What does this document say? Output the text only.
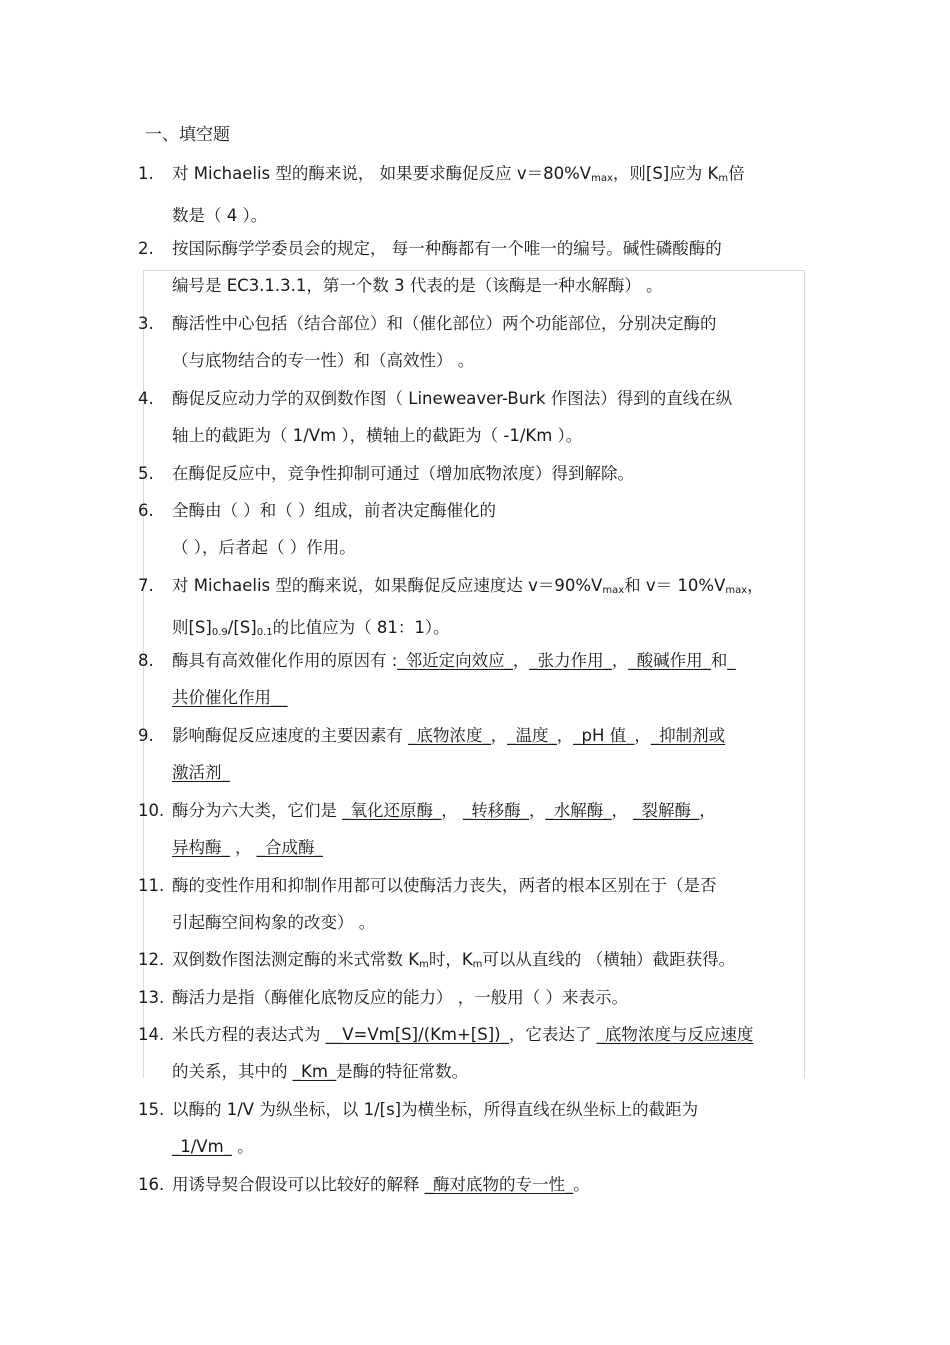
一、填空题
1.	对 Michaelis 型的酶来说， 如果要求酶促反应 $v=80\%V_{max}$，则[S]应为 $K_m$倍
数是（ 4 ）。
2.	按国际酶学学委员会的规定， 每一种酶都有一个唯一的编号。碱性磷酸酶的
编号是 EC3.1.3.1，第一个数 3 代表的是（该酶是一种水解酶） 。
3.	酶活性中心包括（结合部位）和（催化部位）两个功能部位，分别决定酶的
（与底物结合的专一性）和（高效性） 。
4.	酶促反应动力学的双倒数作图（ Lineweaver-Burk 作图法）得到的直线在纵
轴上的截距为（ 1/Vm ），横轴上的截距为（ -1/Km ）。
5.	在酶促反应中，竞争性抑制可通过（增加底物浓度）得到解除。
6.	全酶由（ ）和（ ）组成，前者决定酶催化的
（ ），后者起（ ）作用。
7.	对 Michaelis 型的酶来说，如果酶促反应速度达 $v=90\%V_{max}$和 $v= 10\%V_{max}$，
则$[S]_{0.9}/[S]_{0.1}$的比值应为（ 81：1）。
8.	酶具有高效催化作用的原因有 :_邻近定向效应_，_张力作用_，_酸碱作用_和_
共价催化作用__
9.	影响酶促反应速度的主要因素有 _底物浓度_，_温度_，_pH 值_，_抑制剂或
激活剂_
10. 酶分为六大类，它们是 _氧化还原酶_， _转移酶_，_水解酶_， _裂解酶_，
异构酶_ ， _合成酶_
11. 酶的变性作用和抑制作用都可以使酶活力丧失，两者的根本区别在于（是否
引起酶空间构象的改变） 。
12. 双倒数作图法测定酶的米式常数 $K_m$时，$K_m$可以从直线的 （横轴）截距获得。
13. 酶活力是指（酶催化底物反应的能力） ，一般用（ ）来表示。
14. 米氏方程的表达式为 __V=Vm[S]/(Km+[S])_，它表达了 _底物浓度与反应速度
的关系，其中的 _Km_是酶的特征常数。
15. 以酶的 1/V 为纵坐标，以 1/[s]为横坐标，所得直线在纵坐标上的截距为
_1/Vm_ 。
16. 用诱导契合假设可以比较好的解释 _酶对底物的专一性_。
